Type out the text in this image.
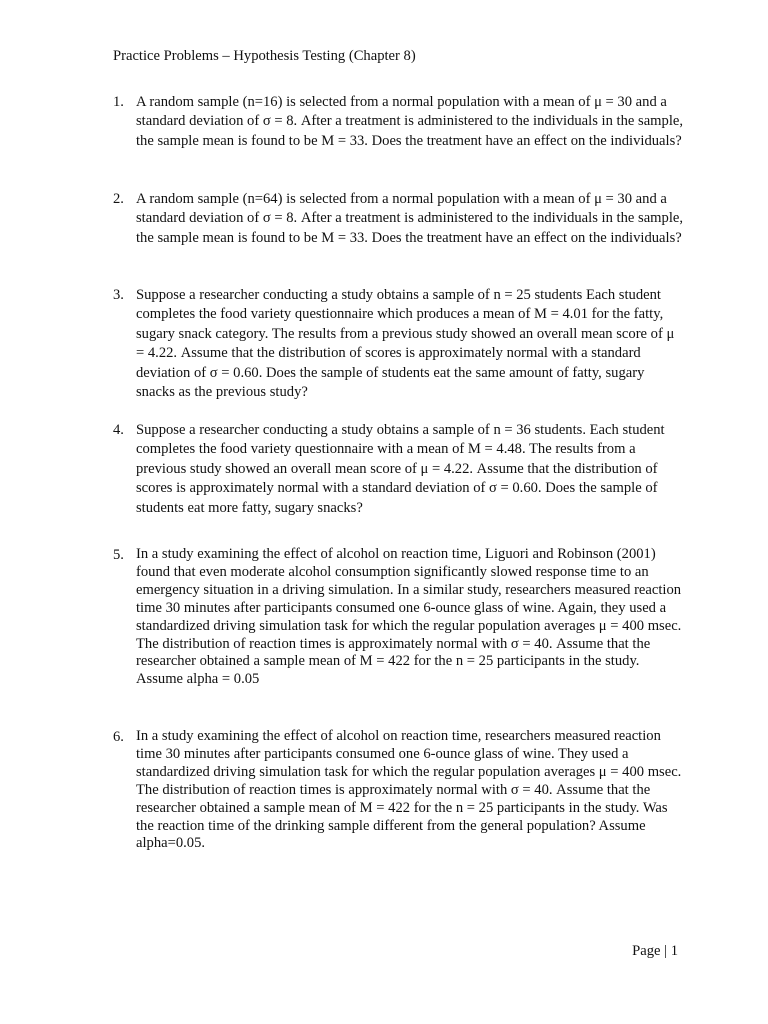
Practice Problems – Hypothesis Testing (Chapter 8)
1. A random sample (n=16) is selected from a normal population with a mean of μ = 30 and a standard deviation of σ = 8. After a treatment is administered to the individuals in the sample, the sample mean is found to be M = 33. Does the treatment have an effect on the individuals?
2. A random sample (n=64) is selected from a normal population with a mean of μ = 30 and a standard deviation of σ = 8. After a treatment is administered to the individuals in the sample, the sample mean is found to be M = 33. Does the treatment have an effect on the individuals?
3. Suppose a researcher conducting a study obtains a sample of n = 25 students Each student completes the food variety questionnaire which produces a mean of M = 4.01 for the fatty, sugary snack category. The results from a previous study showed an overall mean score of μ = 4.22. Assume that the distribution of scores is approximately normal with a standard deviation of σ = 0.60. Does the sample of students eat the same amount of fatty, sugary snacks as the previous study?
4. Suppose a researcher conducting a study obtains a sample of n = 36 students. Each student completes the food variety questionnaire with a mean of M = 4.48. The results from a previous study showed an overall mean score of μ = 4.22. Assume that the distribution of scores is approximately normal with a standard deviation of σ = 0.60. Does the sample of students eat more fatty, sugary snacks?
5. In a study examining the effect of alcohol on reaction time, Liguori and Robinson (2001) found that even moderate alcohol consumption significantly slowed response time to an emergency situation in a driving simulation. In a similar study, researchers measured reaction time 30 minutes after participants consumed one 6-ounce glass of wine. Again, they used a standardized driving simulation task for which the regular population averages μ = 400 msec. The distribution of reaction times is approximately normal with σ = 40. Assume that the researcher obtained a sample mean of M = 422 for the n = 25 participants in the study. Assume alpha = 0.05
6. In a study examining the effect of alcohol on reaction time, researchers measured reaction time 30 minutes after participants consumed one 6-ounce glass of wine. They used a standardized driving simulation task for which the regular population averages μ = 400 msec. The distribution of reaction times is approximately normal with σ = 40. Assume that the researcher obtained a sample mean of M = 422 for the n = 25 participants in the study. Was the reaction time of the drinking sample different from the general population? Assume alpha=0.05.
Page | 1
